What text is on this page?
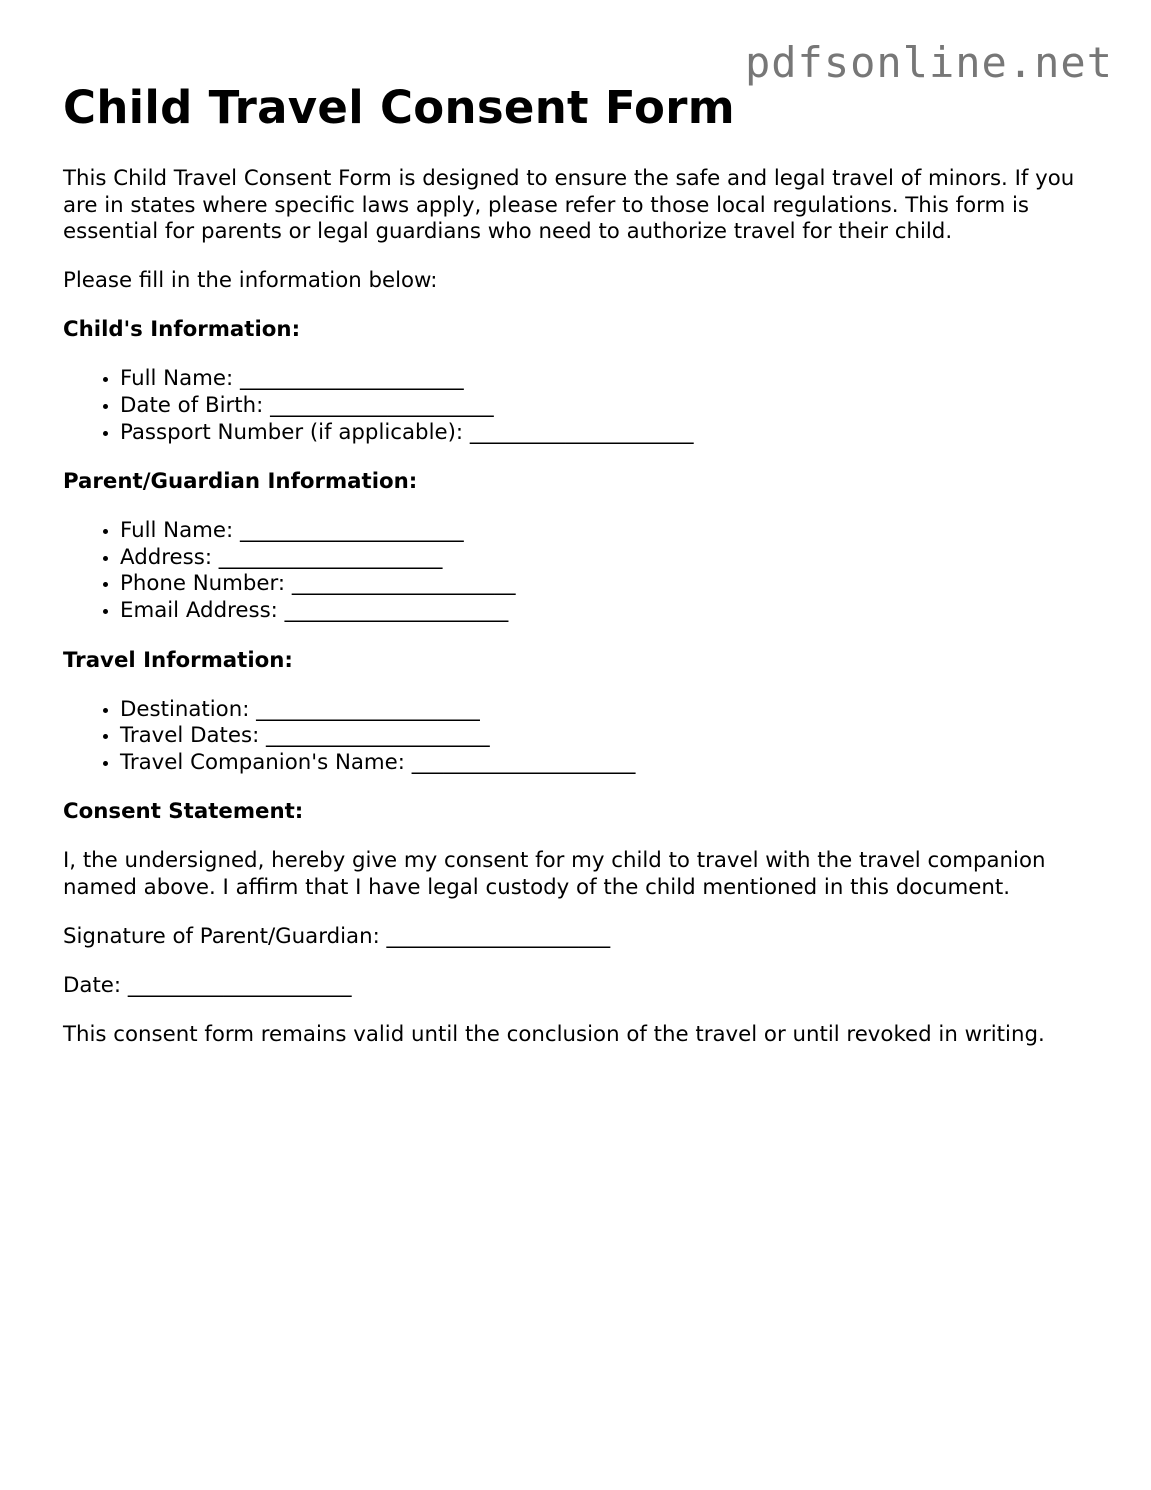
pdfsonline.net
Child Travel Consent Form

This Child Travel Consent Form is designed to ensure the safe and legal travel of minors. If you are in states where specific laws apply, please refer to those local regulations. This form is essential for parents or legal guardians who need to authorize travel for their child.

Please fill in the information below:

Child's Information:
• Full Name: _____________________
• Date of Birth: _____________________
• Passport Number (if applicable): _____________________
Parent/Guardian Information:
• Full Name: _____________________
• Address: _____________________
• Phone Number: _____________________
• Email Address: _____________________
Travel Information:
• Destination: _____________________
• Travel Dates: _____________________
• Travel Companion's Name: _____________________
Consent Statement:

I, the undersigned, hereby give my consent for my child to travel with the travel companion named above. I affirm that I have legal custody of the child mentioned in this document.

Signature of Parent/Guardian: _____________________

Date: _____________________

This consent form remains valid until the conclusion of the travel or until revoked in writing.
